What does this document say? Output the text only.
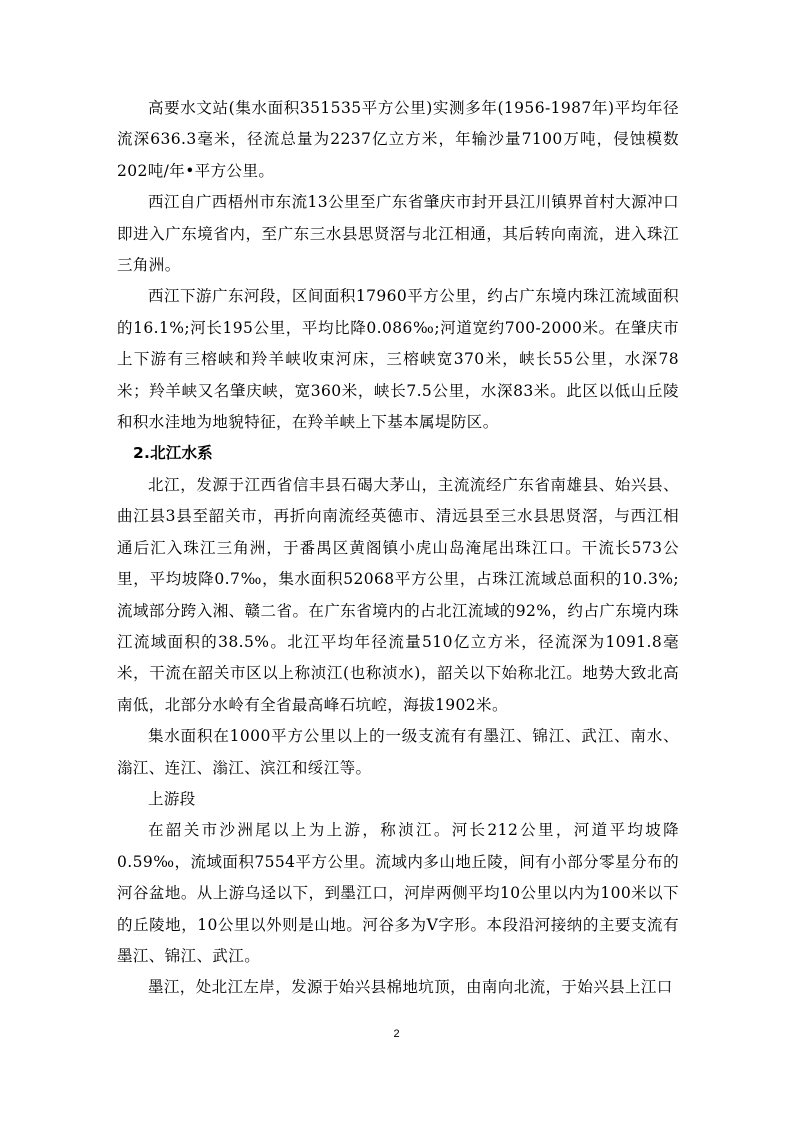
高要水文站(集水面积351535平方公里)实测多年(1956-1987年)平均年径流深636.3毫米，径流总量为2237亿立方米，年输沙量7100万吨，侵蚀模数202吨/年•平方公里。

西江自广西梧州市东流13公里至广东省肇庆市封开县江川镇界首村大源冲口即进入广东境省内，至广东三水县思贤滘与北江相通，其后转向南流，进入珠江三角洲。

西江下游广东河段，区间面积17960平方公里，约占广东境内珠江流域面积的16.1%;河长195公里，平均比降0.086‰;河道宽约700-2000米。在肇庆市上下游有三榕峡和羚羊峡收束河床，三榕峡宽370米，峡长55公里，水深78米；羚羊峡又名肇庆峡，宽360米，峡长7.5公里，水深83米。此区以低山丘陵和积水洼地为地貌特征，在羚羊峡上下基本属堤防区。

2.北江水系

北江，发源于江西省信丰县石碣大茅山，主流流经广东省南雄县、始兴县、曲江县3县至韶关市，再折向南流经英德市、清远县至三水县思贤滘，与西江相通后汇入珠江三角洲，于番禺区黄阁镇小虎山岛淹尾出珠江口。干流长573公里，平均坡降0.7‰，集水面积52068平方公里，占珠江流域总面积的10.3%;流域部分跨入湘、赣二省。在广东省境内的占北江流域的92%，约占广东境内珠江流域面积的38.5%。北江平均年径流量510亿立方米，径流深为1091.8毫米，干流在韶关市区以上称浈江(也称浈水)，韶关以下始称北江。地势大致北高南低，北部分水岭有全省最高峰石坑崆，海拔1902米。

集水面积在1000平方公里以上的一级支流有有墨江、锦江、武江、南水、滃江、连江、滃江、滨江和绥江等。

上游段

在韶关市沙洲尾以上为上游，称浈江。河长212公里，河道平均坡降0.59‰，流域面积7554平方公里。流域内多山地丘陵，间有小部分零星分布的河谷盆地。从上游乌迳以下，到墨江口，河岸两侧平均10公里以内为100米以下的丘陵地，10公里以外则是山地。河谷多为V字形。本段沿河接纳的主要支流有墨江、锦江、武江。

墨江，处北江左岸，发源于始兴县棉地坑顶，由南向北流，于始兴县上江口

2
